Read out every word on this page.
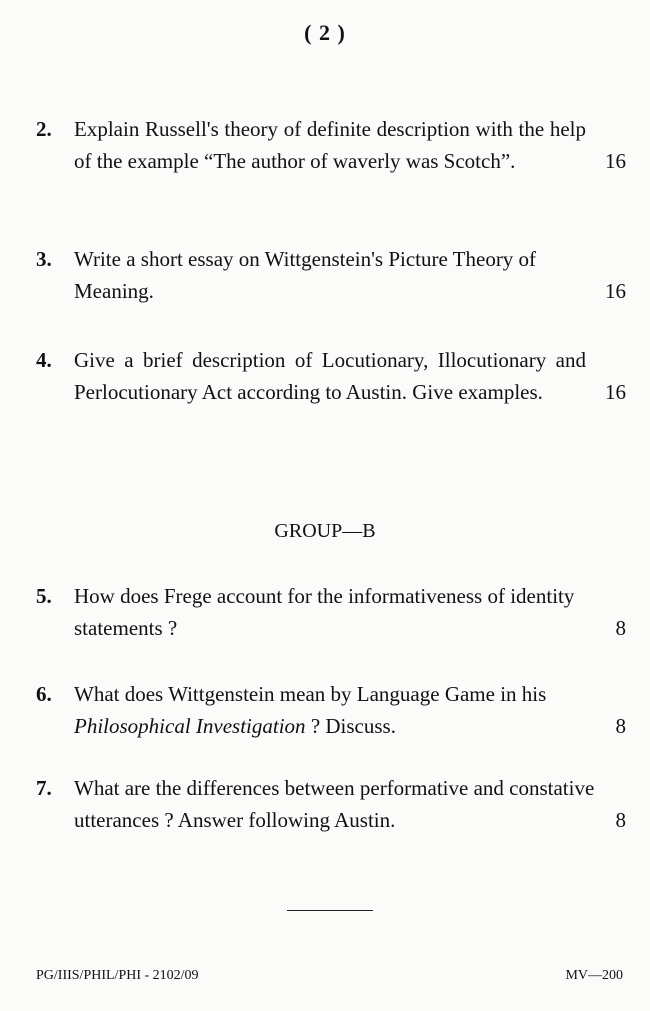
( 2 )
2. Explain Russell's theory of definite description with the help of the example “The author of waverly was Scotch”.	16
3. Write a short essay on Wittgenstein's Picture Theory of Meaning.	16
4. Give a brief description of Locutionary, Illocutionary and Perlocutionary Act according to Austin. Give examples.	16
GROUP—B
5. How does Frege account for the informativeness of identity statements ?	8
6. What does Wittgenstein mean by Language Game in his Philosophical Investigation ? Discuss.	8
7. What are the differences between performative and constative utterances ? Answer following Austin.	8
PG/IIIS/PHIL/PHI - 2102/09	MV—200
